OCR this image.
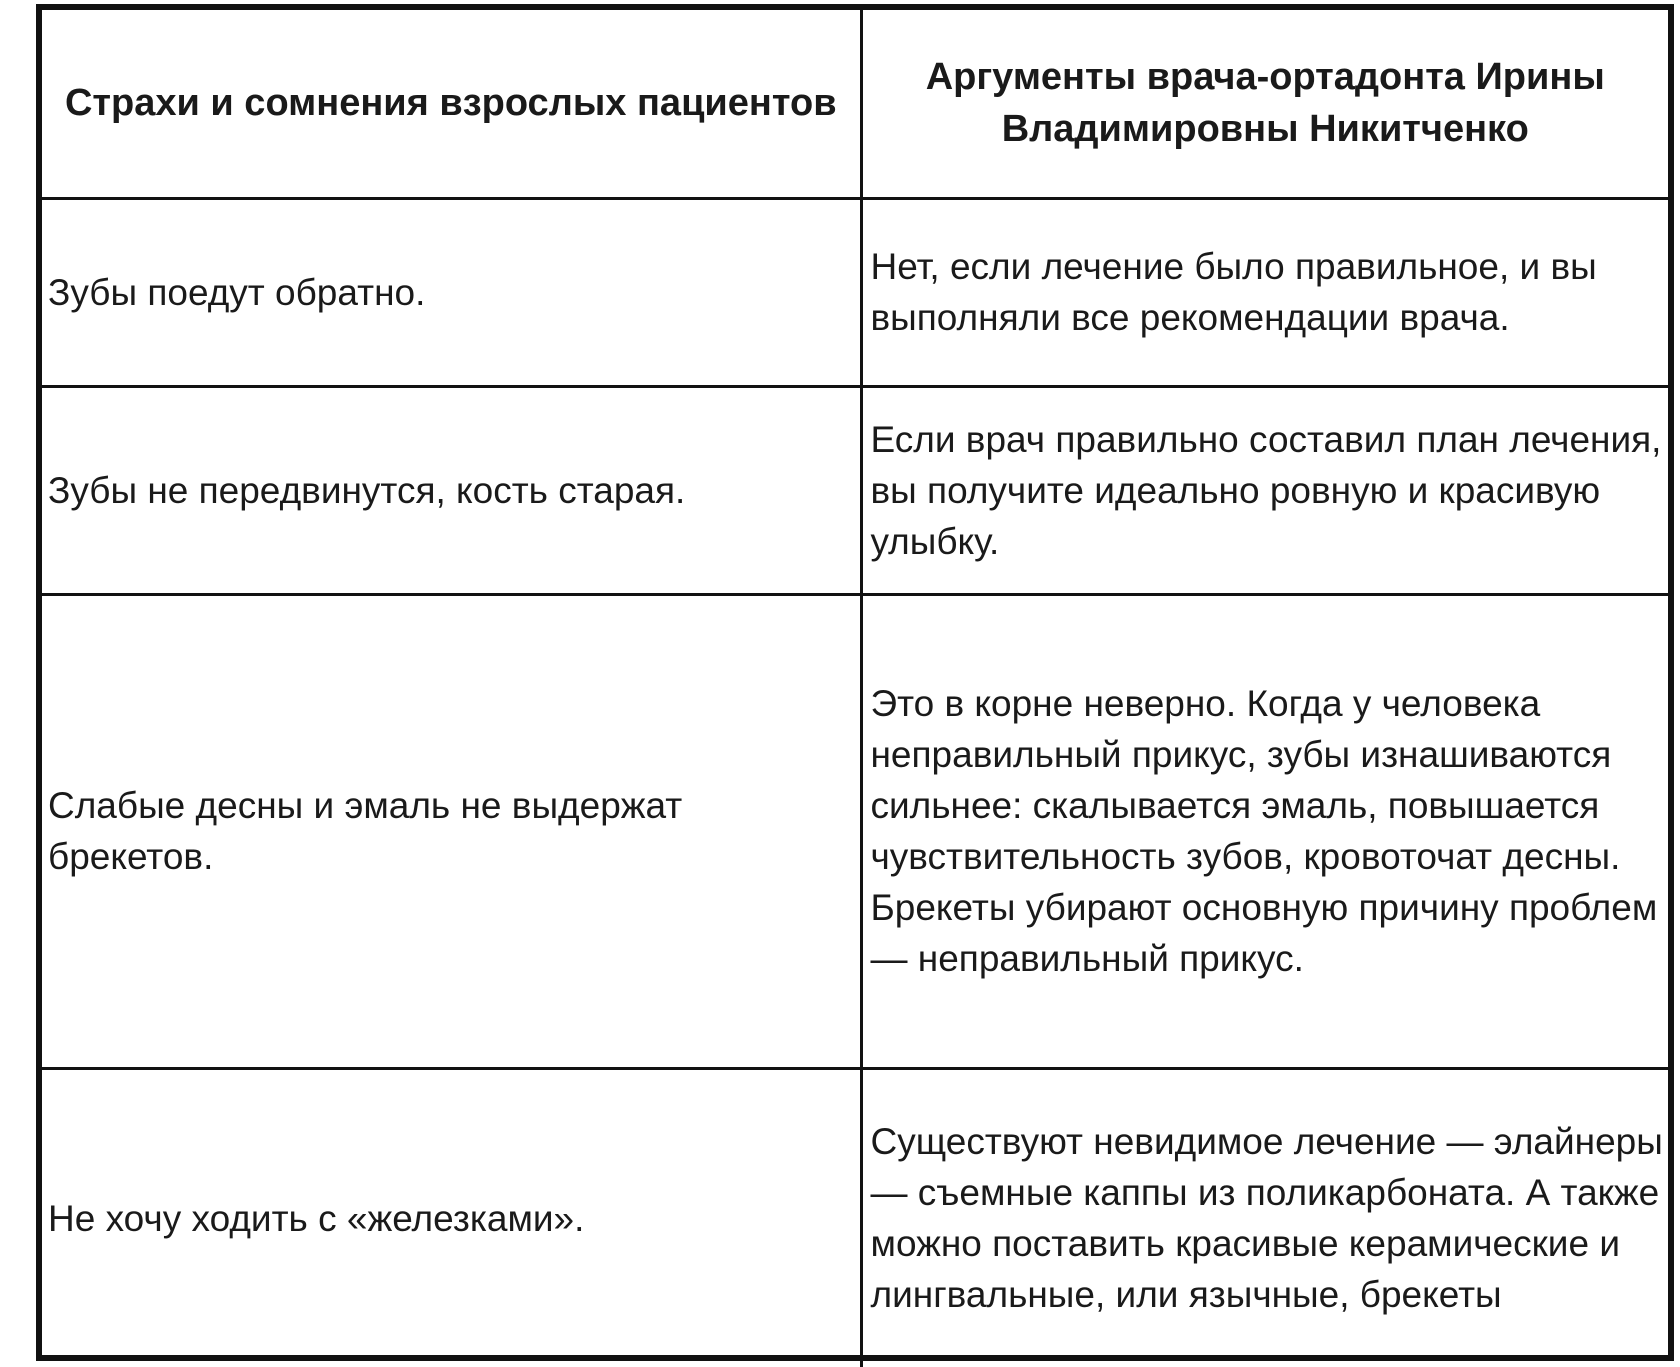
Страхи и сомнения взрослых пациентов	Аргументы врача-ортадонта Ирины Владимировны Никитченко
Зубы поедут обратно.	Нет, если лечение было правильное, и вы выполняли все рекомендации врача.
Зубы не передвинутся, кость старая.	Если врач правильно составил план лечения, вы получите идеально ровную и красивую улыбку.
Слабые десны и эмаль не выдержат брекетов.	Это в корне неверно. Когда у человека неправильный прикус, зубы изнашиваются сильнее: скалывается эмаль, повышается чувствительность зубов, кровоточат десны. Брекеты убирают основную причину проблем — неправильный прикус.
Не хочу ходить с «железками».	Существуют невидимое лечение — элайнеры — съемные каппы из поликарбоната. А также можно поставить красивые керамические и лингвальные, или язычные, брекеты
